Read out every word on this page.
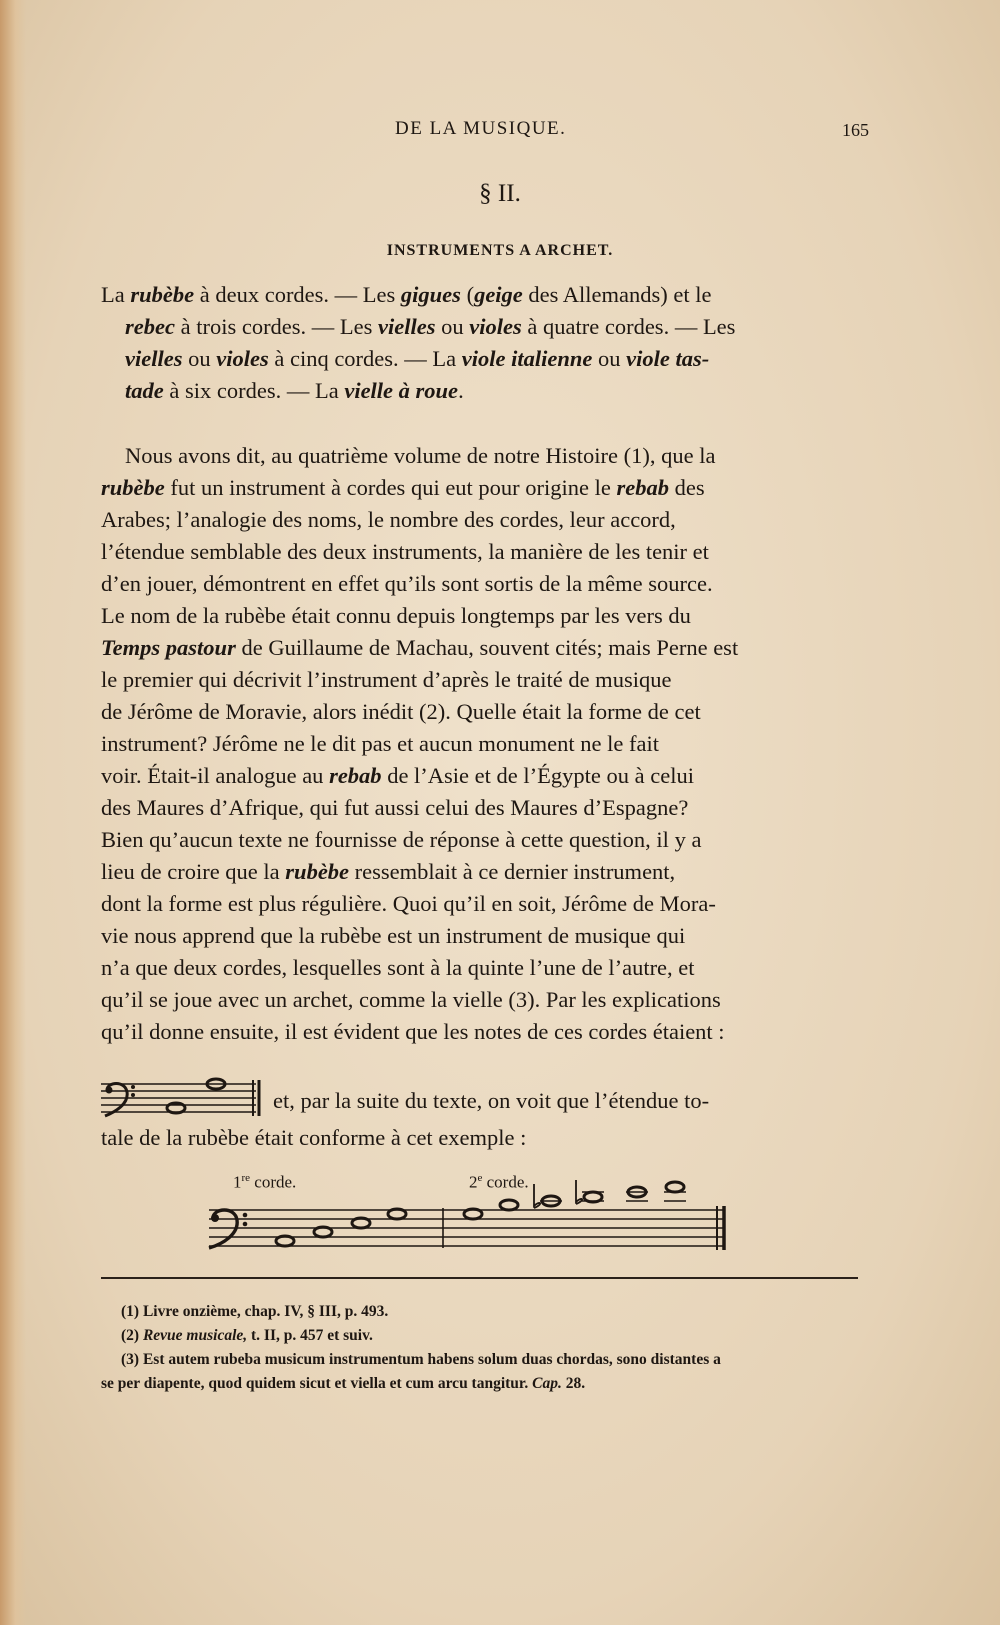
DE LA MUSIQUE.	165
§ II.
INSTRUMENTS A ARCHET.
La rubèbe à deux cordes. — Les gigues (geige des Allemands) et le
rebec à trois cordes. — Les vielles ou violes à quatre cordes. — Les
vielles ou violes à cinq cordes. — La viole italienne ou viole tas-
tade à six cordes. — La vielle à roue.
Nous avons dit, au quatrième volume de notre Histoire (1), que la
rubèbe fut un instrument à cordes qui eut pour origine le rebab des
Arabes; l’analogie des noms, le nombre des cordes, leur accord,
l’étendue semblable des deux instruments, la manière de les tenir et
d’en jouer, démontrent en effet qu’ils sont sortis de la même source.
Le nom de la rubèbe était connu depuis longtemps par les vers du
Temps pastour de Guillaume de Machau, souvent cités; mais Perne est
le premier qui décrivit l’instrument d’après le traité de musique
de Jérôme de Moravie, alors inédit (2). Quelle était la forme de cet
instrument? Jérôme ne le dit pas et aucun monument ne le fait
voir. Était-il analogue au rebab de l’Asie et de l’Égypte ou à celui
des Maures d’Afrique, qui fut aussi celui des Maures d’Espagne?
Bien qu’aucun texte ne fournisse de réponse à cette question, il y a
lieu de croire que la rubèbe ressemblait à ce dernier instrument,
dont la forme est plus régulière. Quoi qu’il en soit, Jérôme de Mora-
vie nous apprend que la rubèbe est un instrument de musique qui
n’a que deux cordes, lesquelles sont à la quinte l’une de l’autre, et
qu’il se joue avec un archet, comme la vielle (3). Par les explications
qu’il donne ensuite, il est évident que les notes de ces cordes étaient :
et, par la suite du texte, on voit que l’étendue to-
tale de la rubèbe était conforme à cet exemple :
1re corde.	2e corde.
(1) Livre onzième, chap. IV, § III, p. 493.
(2) Revue musicale, t. II, p. 457 et suiv.
(3) Est autem rubeba musicum instrumentum habens solum duas chordas, sono distantes a
se per diapente, quod quidem sicut et viella et cum arcu tangitur. Cap. 28.
